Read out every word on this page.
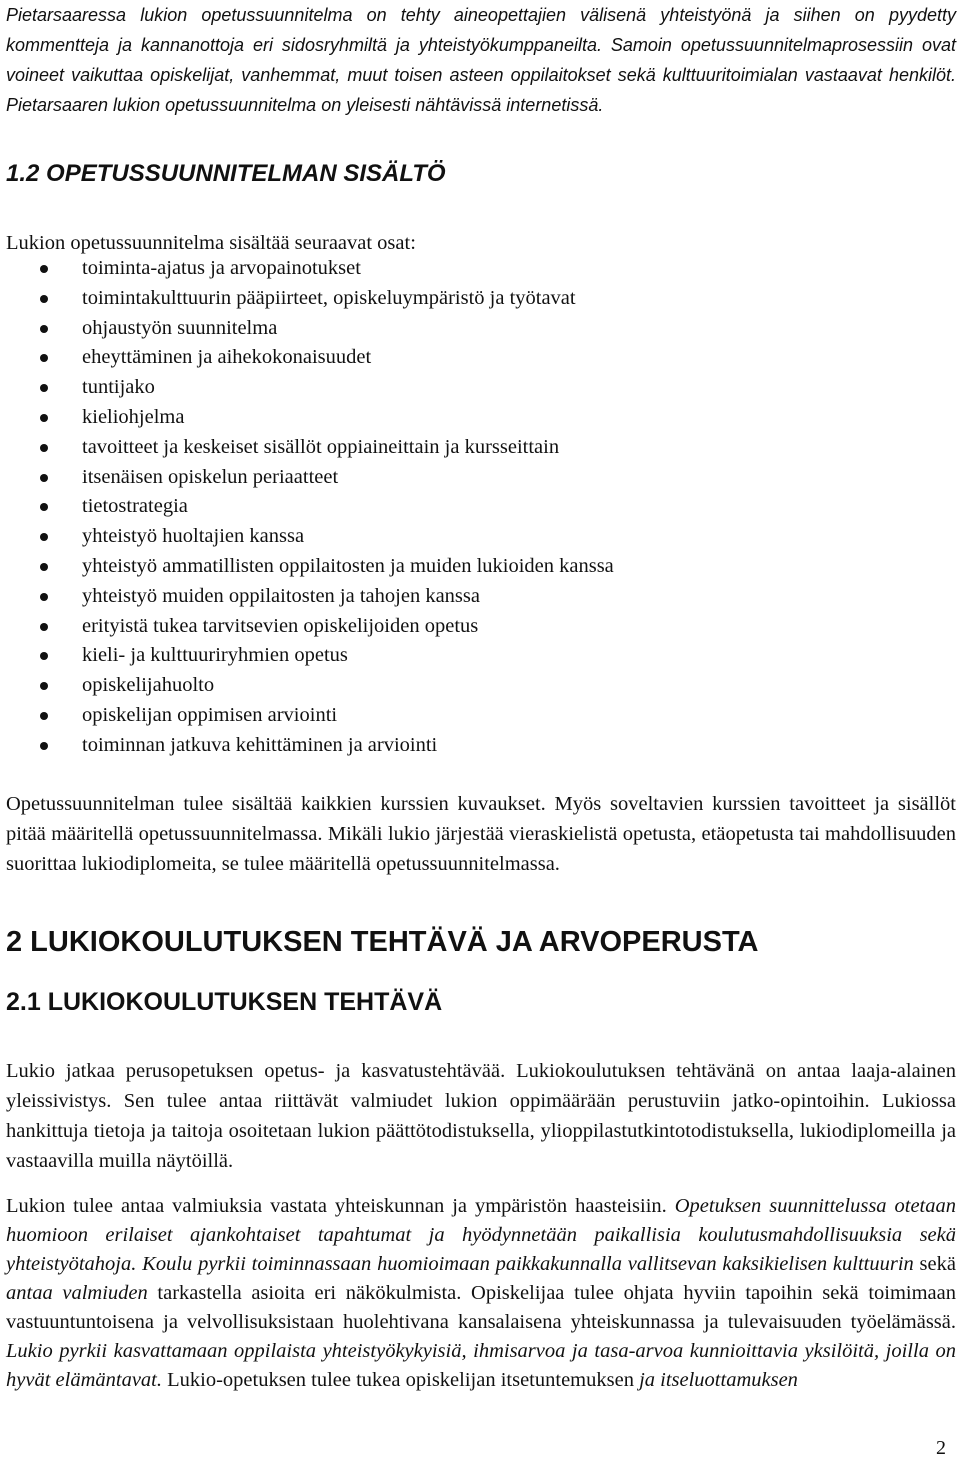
Pietarsaaressa lukion opetussuunnitelma on tehty aineopettajien välisenä yhteistyönä ja siihen on pyydetty kommentteja ja kannanottoja eri sidosryhmiltä ja yhteistyökumppaneilta. Samoin opetussuunnitelmaprosessiin ovat voineet vaikuttaa opiskelijat, vanhemmat, muut toisen asteen oppilaitokset sekä kulttuuritoimialan vastaavat henkilöt. Pietarsaaren lukion opetussuunnitelma on yleisesti nähtävissä internetissä.

1.2 OPETUSSUUNNITELMAN SISÄLTÖ

Lukion opetussuunnitelma sisältää seuraavat osat:

toiminta-ajatus ja arvopainotukset
toimintakulttuurin pääpiirteet, opiskeluympäristö ja työtavat
ohjaustyön suunnitelma
eheyttäminen ja aihekokonaisuudet
tuntijako
kieliohjelma
tavoitteet ja keskeiset sisällöt oppiaineittain ja kursseittain
itsenäisen opiskelun periaatteet
tietostrategia
yhteistyö huoltajien kanssa
yhteistyö ammatillisten oppilaitosten ja muiden lukioiden kanssa
yhteistyö muiden oppilaitosten ja tahojen kanssa
erityistä tukea tarvitsevien opiskelijoiden opetus
kieli- ja kulttuuriryhmien opetus
opiskelijahuolto
opiskelijan oppimisen arviointi
toiminnan jatkuva kehittäminen ja arviointi

Opetussuunnitelman tulee sisältää kaikkien kurssien kuvaukset. Myös soveltavien kurssien tavoitteet ja sisällöt pitää määritellä opetussuunnitelmassa. Mikäli lukio järjestää vieraskielistä opetusta, etäopetusta tai mahdollisuuden suorittaa lukiodiplomeita, se tulee määritellä opetussuunnitelmassa.

2 LUKIOKOULUTUKSEN TEHTÄVÄ JA ARVOPERUSTA
2.1 LUKIOKOULUTUKSEN TEHTÄVÄ

Lukio jatkaa perusopetuksen opetus- ja kasvatustehtävää. Lukiokoulutuksen tehtävänä on antaa laaja-alainen yleissivistys. Sen tulee antaa riittävät valmiudet lukion oppimäärään perustuviin jatko-opintoihin. Lukiossa hankittuja tietoja ja taitoja osoitetaan lukion päättötodistuksella, ylioppilastutkintotodistuksella, lukiodiplomeilla ja vastaavilla muilla näytöillä.

Lukion tulee antaa valmiuksia vastata yhteiskunnan ja ympäristön haasteisiin. Opetuksen suunnittelussa otetaan huomioon erilaiset ajankohtaiset tapahtumat ja hyödynnetään paikallisia koulutusmahdollisuuksia sekä yhteistyötahoja. Koulu pyrkii toiminnassaan huomioimaan paikkakunnalla vallitsevan kaksikielisen kulttuurin sekä antaa valmiuden tarkastella asioita eri näkökulmista. Opiskelijaa tulee ohjata hyviin tapoihin sekä toimimaan vastuuntuntoisena ja velvollisuksistaan huolehtivana kansalaisena yhteiskunnassa ja tulevaisuuden työelämässä. Lukio pyrkii kasvattamaan oppilaista yhteistyökykyisiä, ihmisarvoa ja tasa-arvoa kunnioittavia yksilöitä, joilla on hyvät elämäntavat. Lukio-opetuksen tulee tukea opiskelijan itsetuntemuksen ja itseluottamuksen

2
